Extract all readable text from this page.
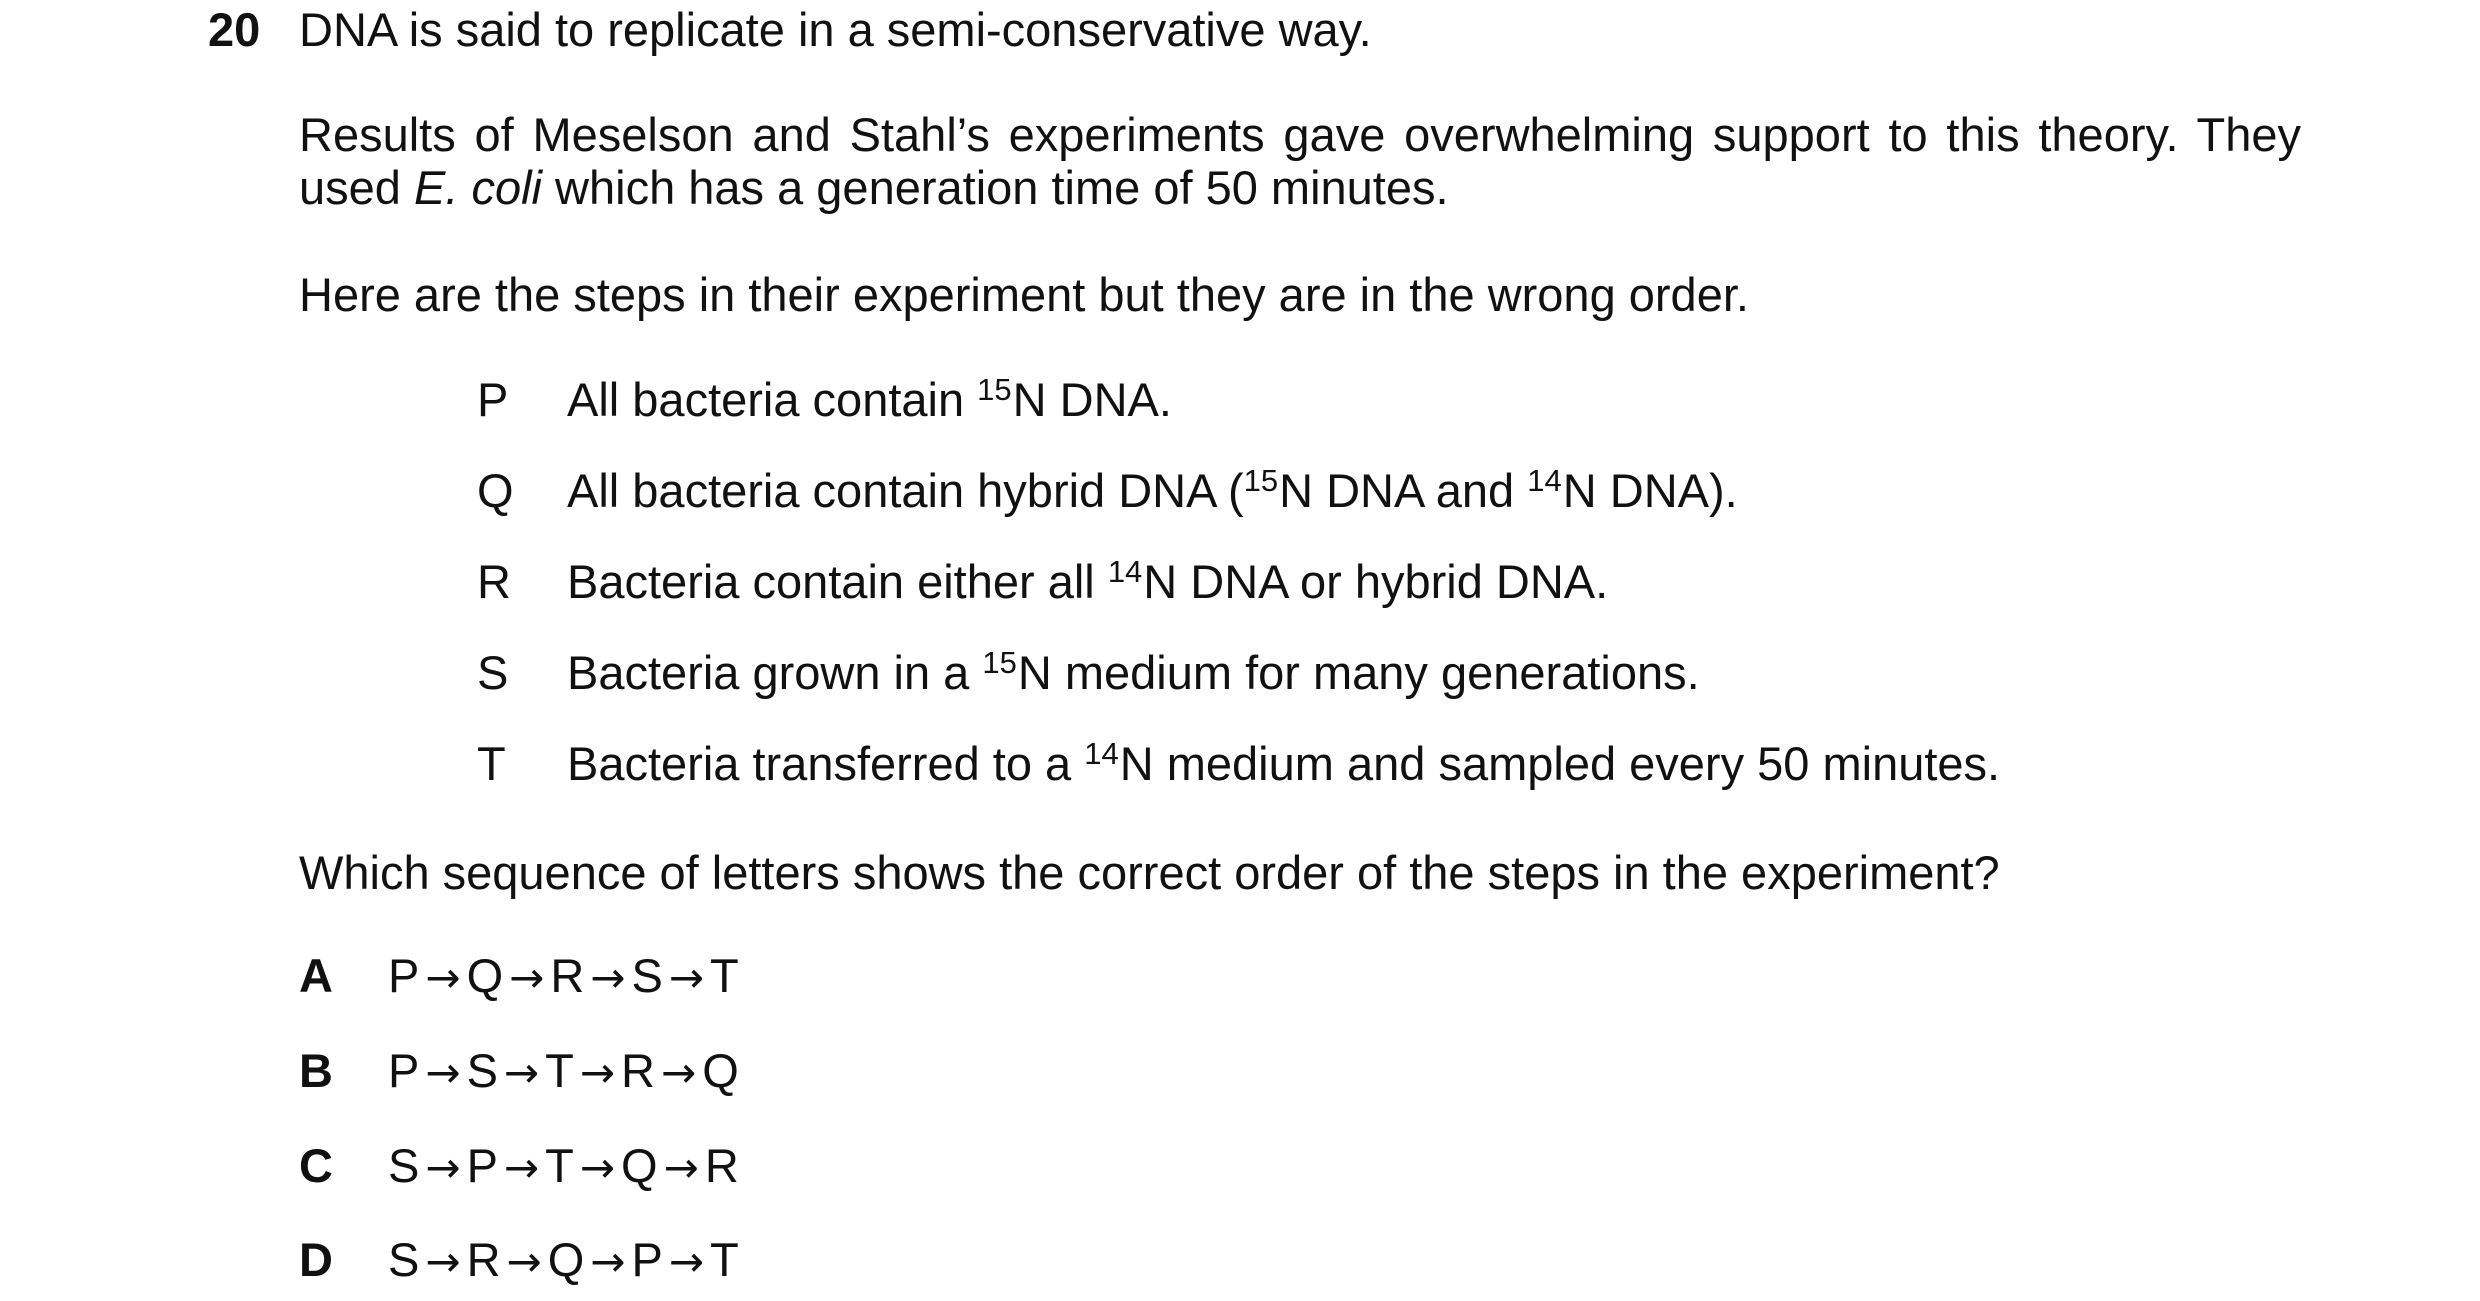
20 DNA is said to replicate in a semi-conservative way.
Results of Meselson and Stahl’s experiments gave overwhelming support to this theory. They
used E. coli which has a generation time of 50 minutes.
Here are the steps in their experiment but they are in the wrong order.
P All bacteria contain $^{15}$N DNA.
Q All bacteria contain hybrid DNA ($^{15}$N DNA and $^{14}$N DNA).
R Bacteria contain either all $^{14}$N DNA or hybrid DNA.
S Bacteria grown in a $^{15}$N medium for many generations.
T Bacteria transferred to a $^{14}$N medium and sampled every 50 minutes.
Which sequence of letters shows the correct order of the steps in the experiment?
A P → Q → R → S → T
B P → S → T → R → Q
C S → P → T → Q → R
D S → R → Q → P → T
